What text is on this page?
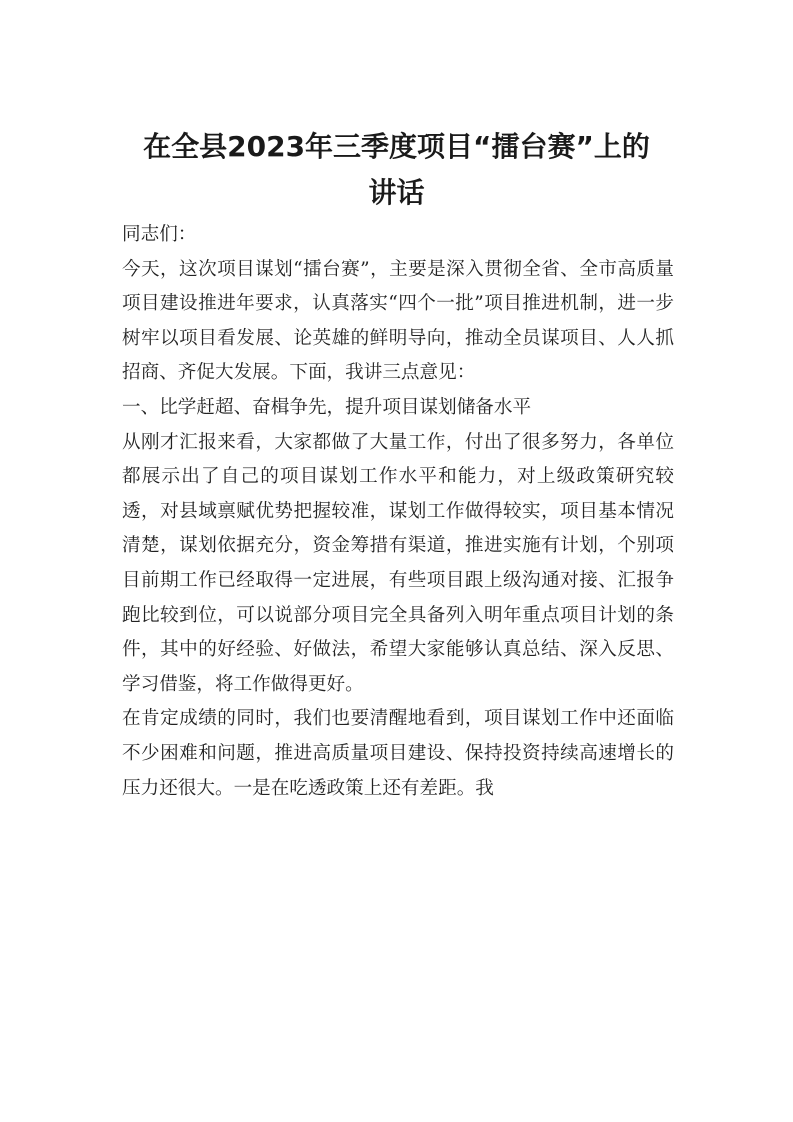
在全县2023年三季度项目“擂台赛”上的
讲话

同志们：

今天，这次项目谋划“擂台赛”，主要是深入贯彻全省、全市高质量项目建设推进年要求，认真落实“四个一批”项目推进机制，进一步树牢以项目看发展、论英雄的鲜明导向，推动全员谋项目、人人抓招商、齐促大发展。下面，我讲三点意见：

一、比学赶超、奋楫争先，提升项目谋划储备水平

从刚才汇报来看，大家都做了大量工作，付出了很多努力，各单位都展示出了自己的项目谋划工作水平和能力，对上级政策研究较透，对县域禀赋优势把握较准，谋划工作做得较实，项目基本情况清楚，谋划依据充分，资金筹措有渠道，推进实施有计划，个别项目前期工作已经取得一定进展，有些项目跟上级沟通对接、汇报争跑比较到位，可以说部分项目完全具备列入明年重点项目计划的条件，其中的好经验、好做法，希望大家能够认真总结、深入反思、学习借鉴，将工作做得更好。

在肯定成绩的同时，我们也要清醒地看到，项目谋划工作中还面临不少困难和问题，推进高质量项目建设、保持投资持续高速增长的压力还很大。一是在吃透政策上还有差距。我
